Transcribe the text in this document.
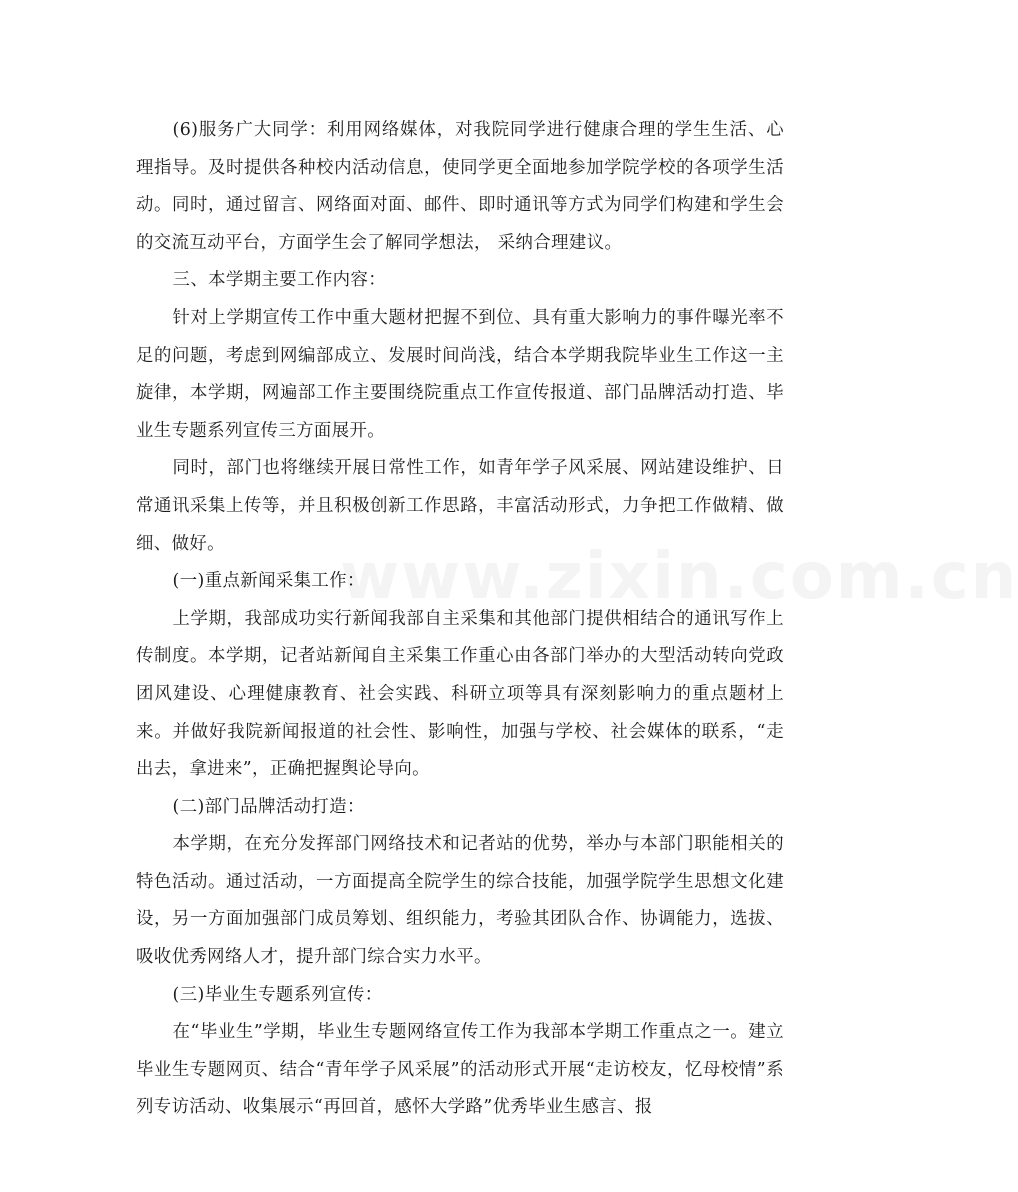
www.zixin.com.cn

(6)服务广大同学：利用网络媒体，对我院同学进行健康合理的学生生活、心理指导。及时提供各种校内活动信息，使同学更全面地参加学院学校的各项学生活动。同时，通过留言、网络面对面、邮件、即时通讯等方式为同学们构建和学生会的交流互动平台，方面学生会了解同学想法， 采纳合理建议。

三、本学期主要工作内容：

针对上学期宣传工作中重大题材把握不到位、具有重大影响力的事件曝光率不足的问题，考虑到网编部成立、发展时间尚浅，结合本学期我院毕业生工作这一主旋律，本学期，网遍部工作主要围绕院重点工作宣传报道、部门品牌活动打造、毕业生专题系列宣传三方面展开。

同时，部门也将继续开展日常性工作，如青年学子风采展、网站建设维护、日常通讯采集上传等，并且积极创新工作思路，丰富活动形式，力争把工作做精、做细、做好。

(一)重点新闻采集工作：

上学期，我部成功实行新闻我部自主采集和其他部门提供相结合的通讯写作上传制度。本学期，记者站新闻自主采集工作重心由各部门举办的大型活动转向党政团风建设、心理健康教育、社会实践、科研立项等具有深刻影响力的重点题材上来。并做好我院新闻报道的社会性、影响性，加强与学校、社会媒体的联系，“走出去，拿进来”，正确把握舆论导向。

(二)部门品牌活动打造：

本学期，在充分发挥部门网络技术和记者站的优势，举办与本部门职能相关的特色活动。通过活动，一方面提高全院学生的综合技能，加强学院学生思想文化建设，另一方面加强部门成员筹划、组织能力，考验其团队合作、协调能力，选拔、吸收优秀网络人才，提升部门综合实力水平。

(三)毕业生专题系列宣传：

在“毕业生”学期，毕业生专题网络宣传工作为我部本学期工作重点之一。建立毕业生专题网页、结合“青年学子风采展”的活动形式开展“走访校友，忆母校情”系列专访活动、收集展示“再回首，感怀大学路”优秀毕业生感言、报
